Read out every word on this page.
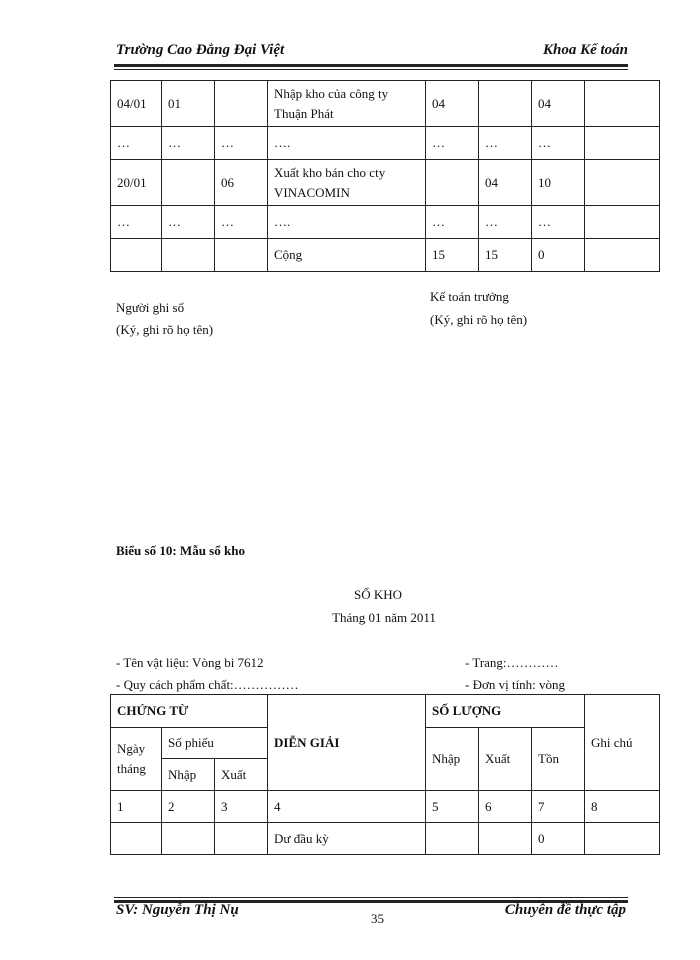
Trường Cao Đẳng Đại Việt	Khoa Kế toán
04/01	01		Nhập kho của công ty Thuận Phát	04		04	
…	…	…	….	…	…	…	
20/01		06	Xuất kho bán cho cty VINACOMIN		04	10	
…	…	…	….	…	…	…	
			Cộng	15	15	0	
Người ghi sổ
(Ký, ghi rõ họ tên)
Kế toán trưởng
(Ký, ghi rõ họ tên)
Biểu số 10: Mẫu sổ kho
SỔ KHO
Tháng 01 năm 2011
- Tên vật liệu: Vòng bi 7612	- Trang:…………
- Quy cách phẩm chất:……………	- Đơn vị tính: vòng
CHỨNG TỪ			DIỄN GIẢI	SỐ LƯỢNG			Ghi chú
Ngày tháng	Số phiếu			Nhập	Xuất	Tồn	
	Nhập	Xuất					
1	2	3	4	5	6	7	8
			Dư đầu kỳ			0	
SV: Nguyễn Thị Nụ
35
Chuyên đề thực tập
